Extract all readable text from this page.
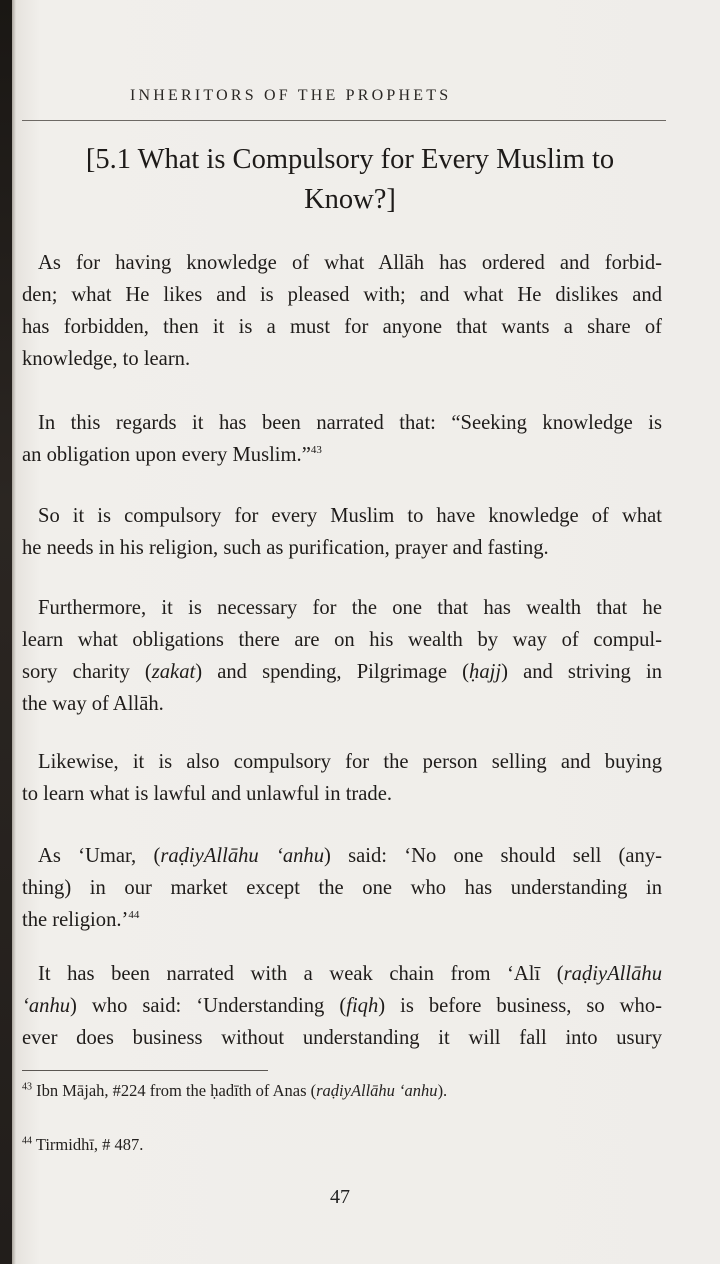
INHERITORS OF THE PROPHETS
[5.1 What is Compulsory for Every Muslim to
Know?]
As for having knowledge of what Allāh has ordered and forbid-
den; what He likes and is pleased with; and what He dislikes and
has forbidden, then it is a must for anyone that wants a share of
knowledge, to learn.
In this regards it has been narrated that: “Seeking knowledge is
an obligation upon every Muslim.”$^{43}$
So it is compulsory for every Muslim to have knowledge of what
he needs in his religion, such as purification, prayer and fasting.
Furthermore, it is necessary for the one that has wealth that he
learn what obligations there are on his wealth by way of compul-
sory charity (zakat) and spending, Pilgrimage (ḥajj) and striving in
the way of Allāh.
Likewise, it is also compulsory for the person selling and buying
to learn what is lawful and unlawful in trade.
As ‘Umar, (raḍiyAllāhu ‘anhu) said: ‘No one should sell (any-
thing) in our market except the one who has understanding in
the religion.’$^{44}$
It has been narrated with a weak chain from ‘Alī (raḍiyAllāhu
‘anhu) who said: ‘Understanding (fiqh) is before business, so who-
ever does business without understanding it will fall into usury
$^{43}$ Ibn Mājah, #224 from the ḥadīth of Anas (raḍiyAllāhu ‘anhu).
$^{44}$ Tirmidhī, # 487.
47
